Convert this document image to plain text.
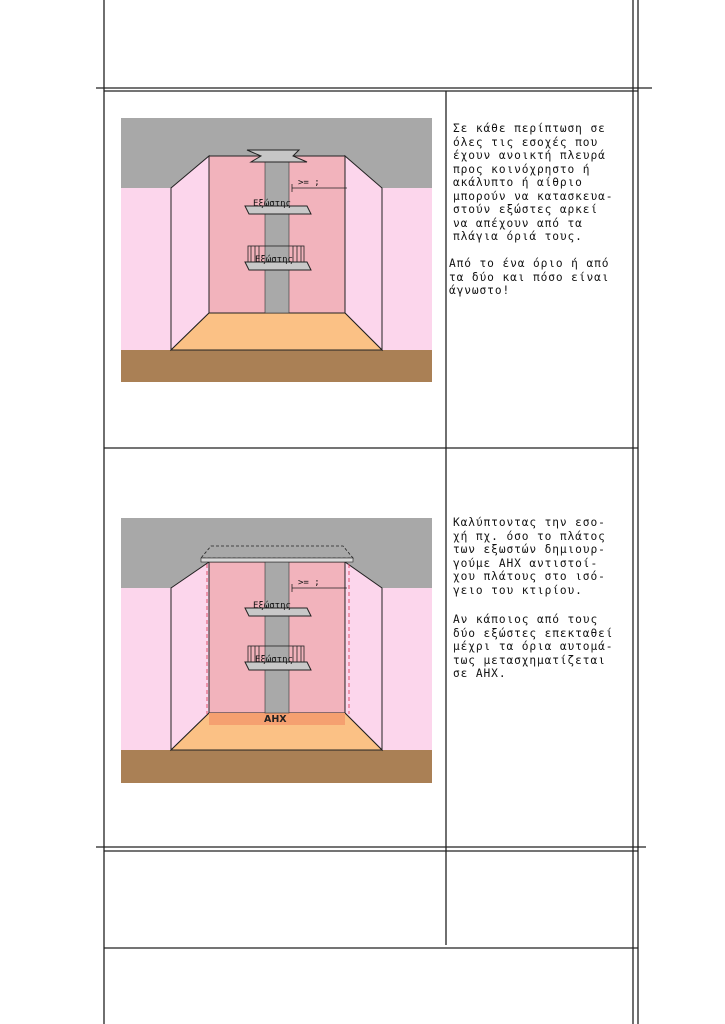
>= ;
Εξώστης
Εξώστης

Σε κάθε περίπτωση σε
όλες τις εσοχές που
έχουν ανοικτή πλευρά
προς κοινόχρηστο ή
ακάλυπτο ή αίθριο
μπορούν να κατασκευα-
στούν εξώστες αρκεί
να απέχουν από τα
πλάγια όριά τους.

Από το ένα όριο ή από
τα δύο και πόσο είναι
άγνωστο!

ΑΗΧ
>= ;
Εξώστης
Εξώστης

Καλύπτοντας την εσο-
χή πχ. όσο το πλάτος
των εξωστών δημιουρ-
γούμε ΑΗΧ αντιστοί-
χου πλάτους στο ισό-
γειο του κτιρίου.

Αν κάποιος από τους
δύο εξώστες επεκταθεί
μέχρι τα όρια αυτομά-
τως μετασχηματίζεται
σε ΑΗΧ.
